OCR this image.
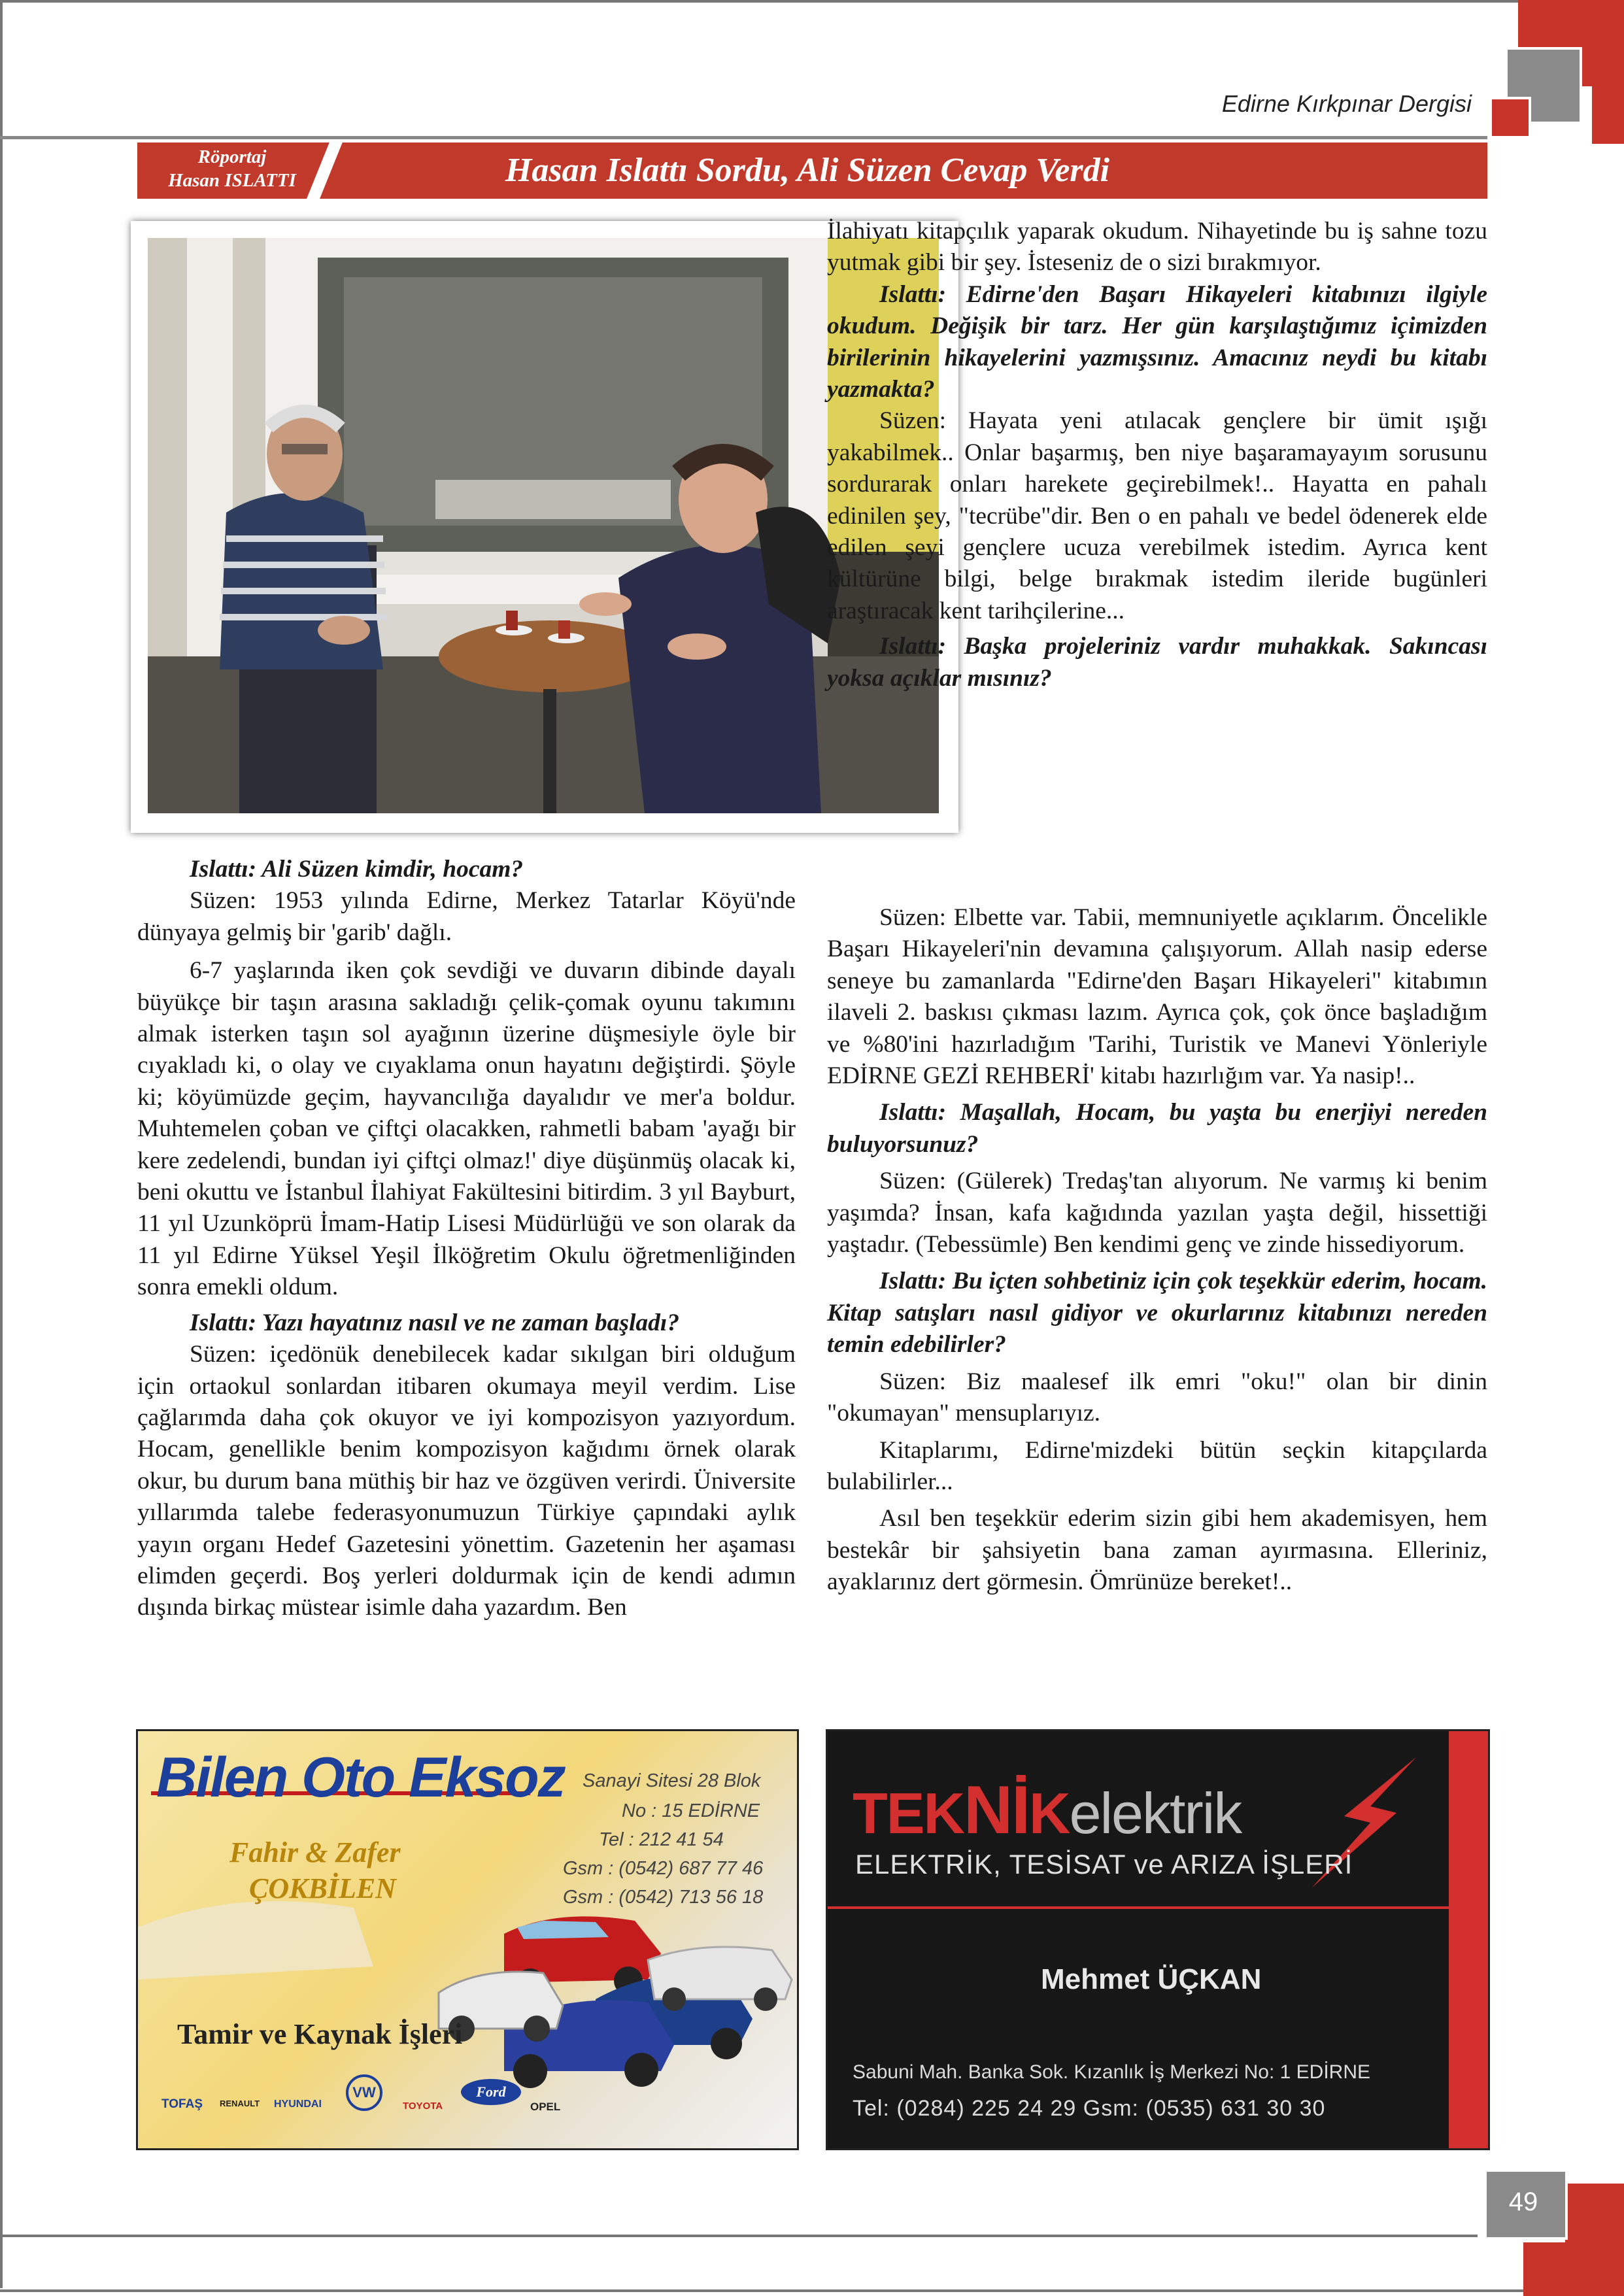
Edirne Kırkpınar Dergisi
Röportaj
Hasan ISLATTI	Hasan Islattı Sordu, Ali Süzen Cevap Verdi

Islattı: Ali Süzen kimdir, hocam?

Süzen: 1953 yılında Edirne, Merkez Tatarlar Köyü'nde dünyaya gelmiş bir 'garib' dağlı.

6-7 yaşlarında iken çok sevdiği ve duvarın dibinde dayalı büyükçe bir taşın arasına sakladığı çelik-çomak oyunu takımını almak isterken taşın sol ayağının üzerine düşmesiyle öyle bir cıyakladı ki, o olay ve cıyaklama onun hayatını değiştirdi. Şöyle ki; köyümüzde geçim, hayvancılığa dayalıdır ve mer'a boldur. Muhtemelen çoban ve çiftçi olacakken, rahmetli babam 'ayağı bir kere zedelendi, bundan iyi çiftçi olmaz!' diye düşünmüş olacak ki, beni okuttu ve İstanbul İlahiyat Fakültesini bitirdim. 3 yıl Bayburt, 11 yıl Uzunköprü İmam-Hatip Lisesi Müdürlüğü ve son olarak da 11 yıl Edirne Yüksel Yeşil İlköğretim Okulu öğretmenliğinden sonra emekli oldum.

Islattı: Yazı hayatınız nasıl ve ne zaman başladı?

Süzen: içedönük denebilecek kadar sıkılgan biri olduğum için ortaokul sonlardan itibaren okumaya meyil verdim. Lise çağlarımda daha çok okuyor ve iyi kompozisyon yazıyordum. Hocam, genellikle benim kompozisyon kağıdımı örnek olarak okur, bu durum bana müthiş bir haz ve özgüven verirdi. Üniversite yıllarımda talebe federasyonumuzun Türkiye çapındaki aylık yayın organı Hedef Gazetesini yönettim. Gazetenin her aşaması elimden geçerdi. Boş yerleri doldurmak için de kendi adımın dışında birkaç müstear isimle daha yazardım. Ben

İlahiyatı kitapçılık yaparak okudum. Nihayetinde bu iş sahne tozu yutmak gibi bir şey. İsteseniz de o sizi bırakmıyor.

Islattı: Edirne'den Başarı Hikayeleri kitabınızı ilgiyle okudum. Değişik bir tarz. Her gün karşılaştığımız içimizden birilerinin hikayelerini yazmışsınız. Amacınız neydi bu kitabı yazmakta?

Süzen: Hayata yeni atılacak gençlere bir ümit ışığı yakabilmek.. Onlar başarmış, ben niye başaramayayım sorusunu sordurarak onları harekete geçirebilmek!.. Hayatta en pahalı edinilen şey, "tecrübe"dir. Ben o en pahalı ve bedel ödenerek elde edilen şeyi gençlere ucuza verebilmek istedim. Ayrıca kent kültürüne bilgi, belge bırakmak istedim ileride bugünleri araştıracak kent tarihçilerine...

Islattı: Başka projeleriniz vardır muhakkak. Sakıncası yoksa açıklar mısınız?

Süzen: Elbette var. Tabii, memnuniyetle açıklarım. Öncelikle Başarı Hikayeleri'nin devamına çalışıyorum. Allah nasip ederse seneye bu zamanlarda "Edirne'den Başarı Hikayeleri" kitabımın ilaveli 2. baskısı çıkması lazım. Ayrıca çok, çok önce başladığım ve %80'ini hazırladığım 'Tarihi, Turistik ve Manevi Yönleriyle EDİRNE GEZİ REHBERİ' kitabı hazırlığım var. Ya nasip!..

Islattı: Maşallah, Hocam, bu yaşta bu enerjiyi nereden buluyorsunuz?

Süzen: (Gülerek) Tredaş'tan alıyorum. Ne varmış ki benim yaşımda? İnsan, kafa kağıdında yazılan yaşta değil, hissettiği yaştadır. (Tebessümle) Ben kendimi genç ve zinde hissediyorum.

Islattı: Bu içten sohbetiniz için çok teşekkür ederim, hocam. Kitap satışları nasıl gidiyor ve okurlarınız kitabınızı nereden temin edebilirler?

Süzen: Biz maalesef ilk emri "oku!" olan bir dinin "okumayan" mensuplarıyız.

Kitaplarımı, Edirne'mizdeki bütün seçkin kitapçılarda bulabilirler...

Asıl ben teşekkür ederim sizin gibi hem akademisyen, hem bestekâr bir şahsiyetin bana zaman ayırmasına. Elleriniz, ayaklarınız dert görmesin. Ömrünüze bereket!..

Bilen Oto Eksoz
Fahir & Zafer
ÇOKBİLEN
Sanayi Sitesi 28 Blok
No : 15 EDİRNE
Tel : 212 41 54
Gsm : (0542) 687 77 46
Gsm : (0542) 713 56 18
Tamir ve Kaynak İşleri
TOFAŞ RENAULT HYUNDAI
VW
TOYOTA
Ford
OPEL
TEKNİKelektrik
ELEKTRİK, TESİSAT ve ARIZA İŞLERİ
Mehmet ÜÇKAN
Sabuni Mah. Banka Sok. Kızanlık İş Merkezi No: 1 EDİRNE
Tel: (0284) 225 24 29 Gsm: (0535) 631 30 30
49
